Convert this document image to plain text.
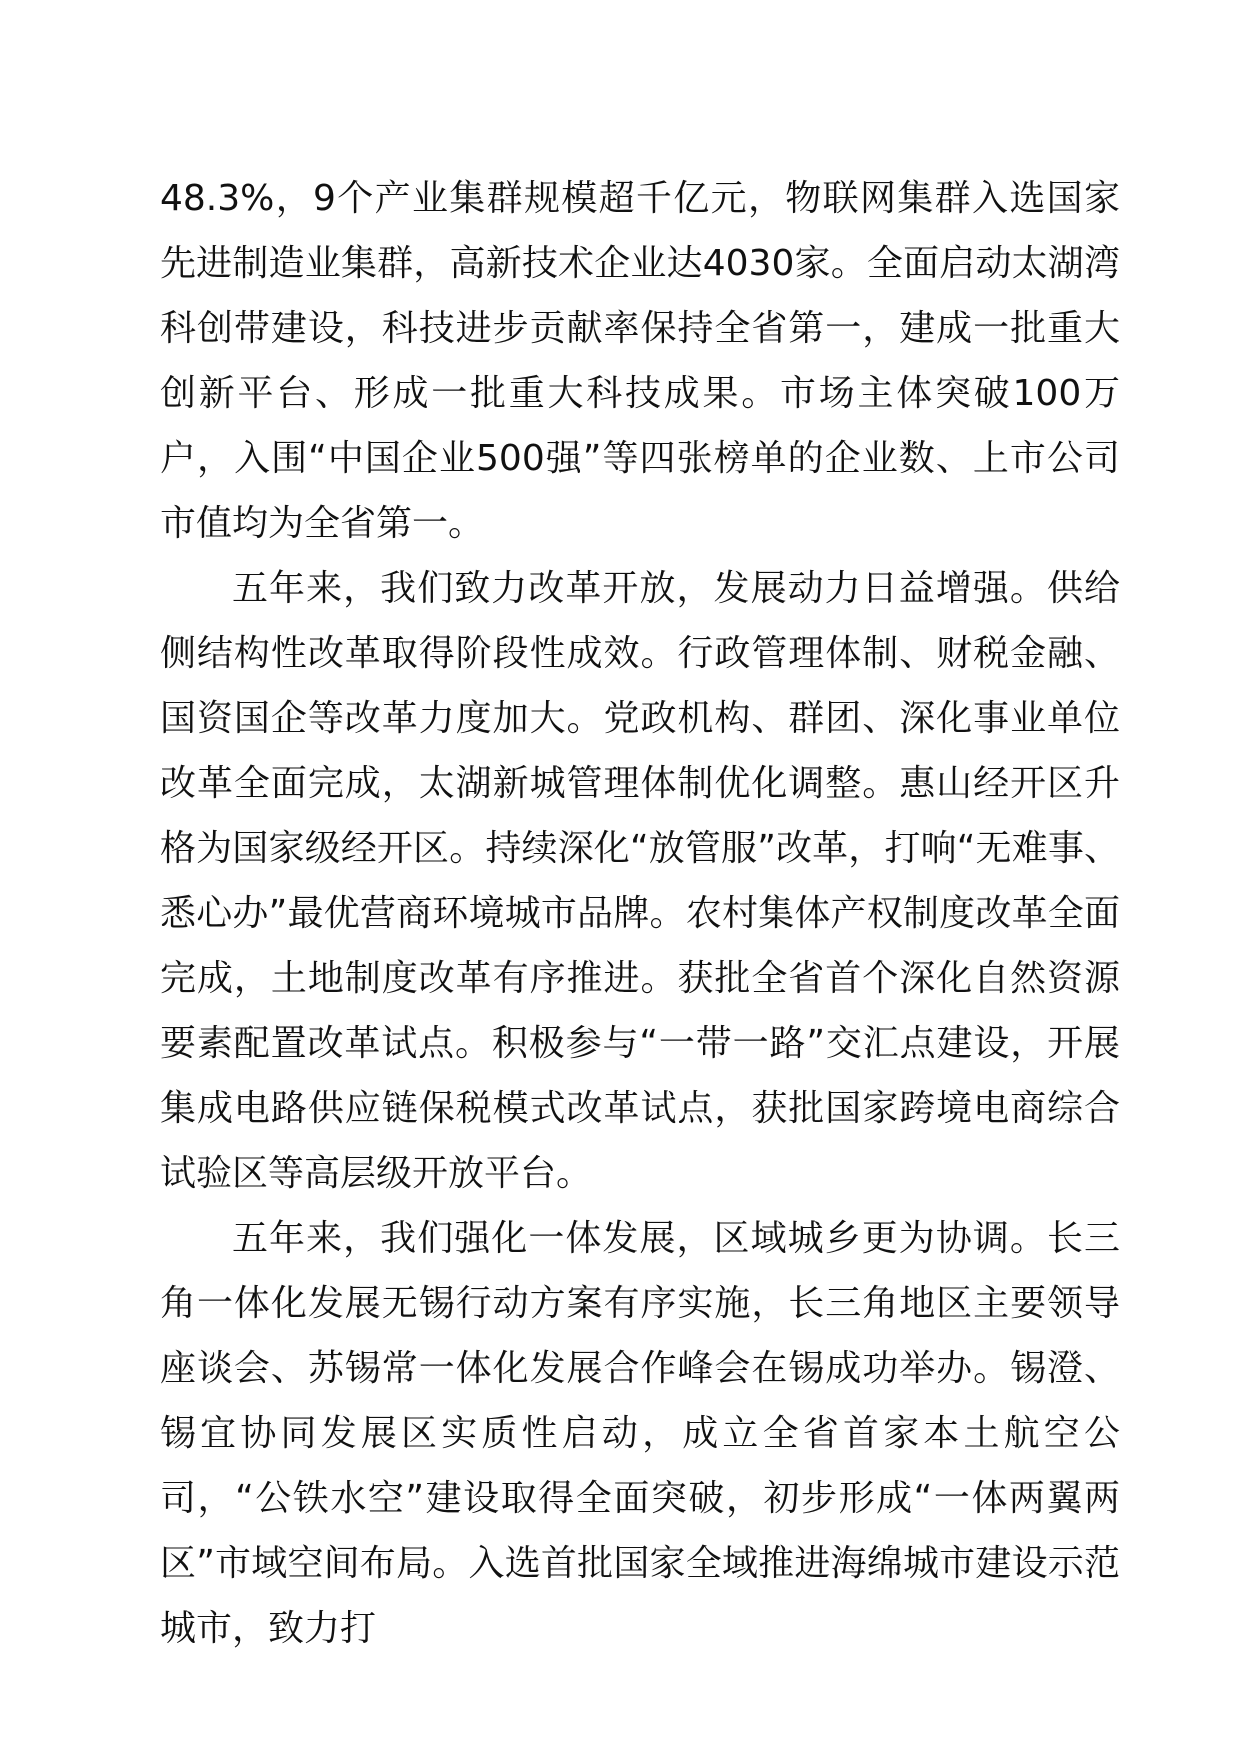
48.3%，9个产业集群规模超千亿元，物联网集群入选国家先进制造业集群，高新技术企业达4030家。全面启动太湖湾科创带建设，科技进步贡献率保持全省第一，建成一批重大创新平台、形成一批重大科技成果。市场主体突破100万户，入围“中国企业500强”等四张榜单的企业数、上市公司市值均为全省第一。

五年来，我们致力改革开放，发展动力日益增强。供给侧结构性改革取得阶段性成效。行政管理体制、财税金融、国资国企等改革力度加大。党政机构、群团、深化事业单位改革全面完成，太湖新城管理体制优化调整。惠山经开区升格为国家级经开区。持续深化“放管服”改革，打响“无难事、悉心办”最优营商环境城市品牌。农村集体产权制度改革全面完成，土地制度改革有序推进。获批全省首个深化自然资源要素配置改革试点。积极参与“一带一路”交汇点建设，开展集成电路供应链保税模式改革试点，获批国家跨境电商综合试验区等高层级开放平台。

五年来，我们强化一体发展，区域城乡更为协调。长三角一体化发展无锡行动方案有序实施，长三角地区主要领导座谈会、苏锡常一体化发展合作峰会在锡成功举办。锡澄、锡宜协同发展区实质性启动，成立全省首家本土航空公司，“公铁水空”建设取得全面突破，初步形成“一体两翼两区”市域空间布局。入选首批国家全域推进海绵城市建设示范城市，致力打
